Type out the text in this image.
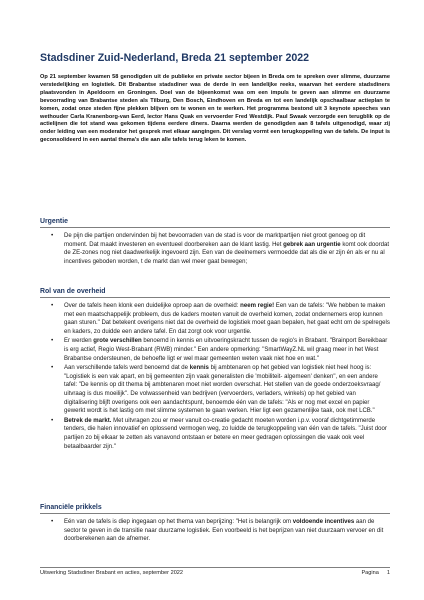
Stadsdiner Zuid-Nederland, Breda 21 september 2022
Op 21 september kwamen 58 genodigden uit de publieke en private sector bijeen in Breda om te spreken over slimme, duurzame verstedelijking en logistiek. Dit Brabantse stadsdiner was de derde in een landelijke reeks, waarvan het eerdere stadsdiners plaatsvonden in Apeldoorn en Groningen. Doel van de bijeenkomst was om een impuls te geven aan slimme en duurzame bevoorrading van Brabantse steden als Tilburg, Den Bosch, Eindhoven en Breda en tot een landelijk opschaalbaar actieplan te komen, zodat onze steden fijne plekken blijven om te wonen en te werken. Het programma bestond uit 3 keynote speeches van wethouder Carla Kranenborg-van Eerd, lector Hans Quak en vervoerder Fred Westdijk. Paul Swaak verzorgde een terugblik op de actielijnen die tot stand was gekomen tijdens eerdere diners. Daarna werden de genodigden aan 8 tafels uitgenodigd, waar zij onder leiding van een moderator het gesprek met elkaar aangingen. Dit verslag vormt een terugkoppeling van de tafels. De input is geconsolideerd in een aantal thema's die aan alle tafels terug leken te komen.
Urgentie
• De pijn die partijen ondervinden bij het bevoorraden van de stad is voor de marktpartijen niet groot genoeg op dit moment. Dat maakt investeren en eventueel doorbereken aan de klant lastig. Het gebrek aan urgentie komt ook doordat de ZE-zones nog niet daadwerkelijk ingevoerd zijn. Een van de deelnemers vermoedde dat als die er zijn én als er nu al incentives geboden worden, t de markt dan wel meer gaat bewegen;
Rol van de overheid
• Over de tafels heen klonk een duidelijke oproep aan de overheid: neem regie! Een van de tafels: "We hebben te maken met een maatschappelijk probleem, dus de kaders moeten vanuit de overheid komen, zodat ondernemers erop kunnen gaan sturen." Dat betekent overigens niet dat de overheid de logistiek moet gaan bepalen, het gaat echt om de spelregels en kaders, zo duidde een andere tafel. En dat zorgt ook voor urgentie.
• Er werden grote verschillen benoemd in kennis en uitvoeringskracht tussen de regio's in Brabant. "Brainport Bereikbaar is erg actief, Regio West-Brabant (RWB) minder." Een andere opmerking: "SmartWayZ.NL wil graag meer in het West Brabantse ondersteunen, de behoefte ligt er wel maar gemeenten weten vaak niet hoe en wat."
• Aan verschillende tafels werd benoemd dat de kennis bij ambtenaren op het gebied van logistiek niet heel hoog is: "Logistiek is een vak apart, en bij gemeenten zijn vaak generalisten die 'mobiliteit- algemeen' denken", en een andere tafel: "De kennis op dit thema bij ambtenaren moet niet worden overschat. Het stellen van de goede onderzoeksvraag/ uitvraag is dus moeilijk". De volwassenheid van bedrijven (vervoerders, verladers, winkels) op het gebied van digitalisering blijft overigens ook een aandachtspunt, benoemde één van de tafels: "Als er nog met excel en papier gewerkt wordt is het lastig om met slimme systemen te gaan werken. Hier ligt een gezamenlijke taak, ook met LCB."
• Betrek de markt. Met uitvragen zou er meer vanuit co-creatie gedacht moeten worden i.p.v. vooraf dichtgetimmerde tenders, die halen innovatief en oplossend vermogen weg, zo luidde de terugkoppeling van één van de tafels. "Juist door partijen zo bij elkaar te zetten als vanavond ontstaan er betere en meer gedragen oplossingen die vaak ook veel betaalbaarder zijn."
Financiële prikkels
• Eén van de tafels is diep ingegaan op het thema van beprijzing: "Het is belangrijk om voldoende incentives aan de sector te geven in de transitie naar duurzame logistiek. Een voorbeeld is het beprijzen van niet duurzaam vervoer en dit doorberekenen aan de afnemer.
Uitwerking Stadsdiner Brabant en acties, september 2022	Pagina 1
